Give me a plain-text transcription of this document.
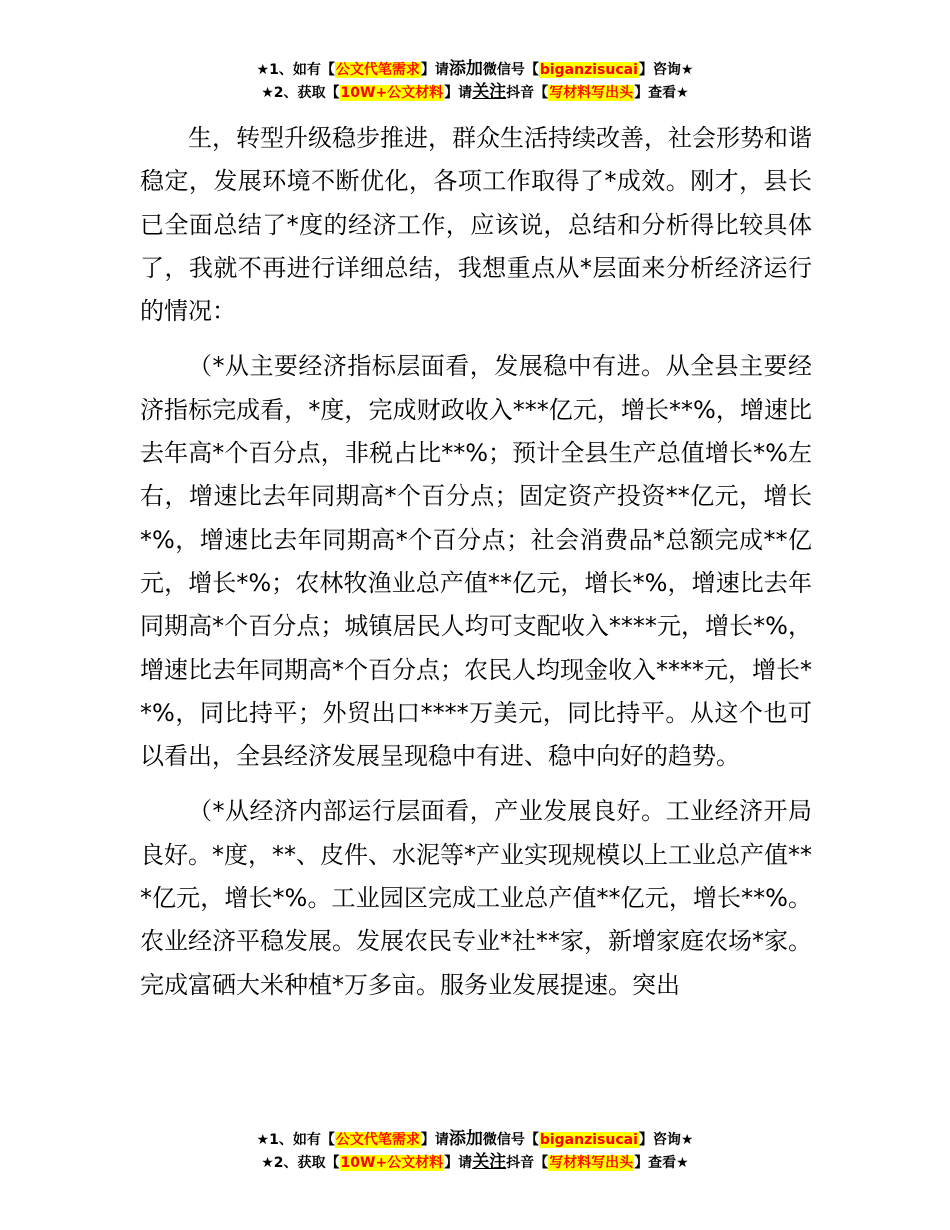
★1、如有【公文代笔需求】请添加微信号【biganzisucai】咨询★
★2、获取【10W+公文材料】请关注抖音【写材料写出头】查看★

生，转型升级稳步推进，群众生活持续改善，社会形势和谐稳定，发展环境不断优化，各项工作取得了*成效。刚才，县长已全面总结了*度的经济工作，应该说，总结和分析得比较具体了，我就不再进行详细总结，我想重点从*层面来分析经济运行的情况：

（*从主要经济指标层面看，发展稳中有进。从全县主要经济指标完成看，*度，完成财政收入***亿元，增长**%，增速比去年高*个百分点，非税占比**%；预计全县生产总值增长*%左右，增速比去年同期高*个百分点；固定资产投资**亿元，增长*%，增速比去年同期高*个百分点；社会消费品*总额完成**亿元，增长*%；农林牧渔业总产值**亿元，增长*%，增速比去年同期高*个百分点；城镇居民人均可支配收入****元，增长*%，增速比去年同期高*个百分点；农民人均现金收入****元，增长**%，同比持平；外贸出口****万美元，同比持平。从这个也可以看出，全县经济发展呈现稳中有进、稳中向好的趋势。

（*从经济内部运行层面看，产业发展良好。工业经济开局良好。*度，**、皮件、水泥等*产业实现规模以上工业总产值***亿元，增长*%。工业园区完成工业总产值**亿元，增长**%。农业经济平稳发展。发展农民专业*社**家，新增家庭农场*家。完成富硒大米种植*万多亩。服务业发展提速。突出

★1、如有【公文代笔需求】请添加微信号【biganzisucai】咨询★
★2、获取【10W+公文材料】请关注抖音【写材料写出头】查看★
